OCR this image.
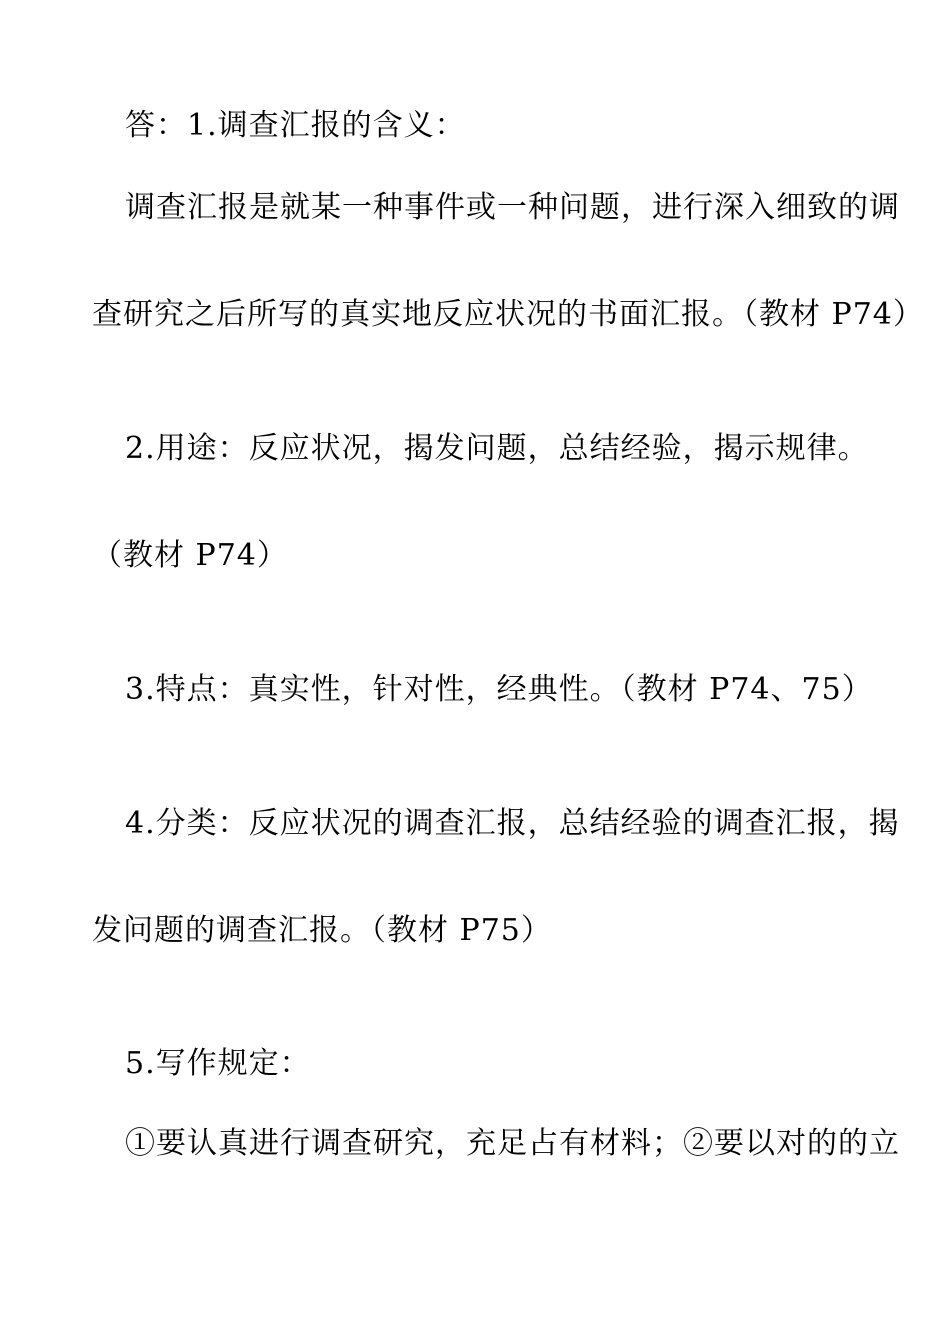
答：1.调查汇报的含义：
调查汇报是就某一种事件或一种问题，进行深入细致的调
查研究之后所写的真实地反应状况的书面汇报。（教材 P74）
2.用途：反应状况，揭发问题，总结经验，揭示规律。
（教材 P74）
3.特点：真实性，针对性，经典性。（教材 P74、75）
4.分类：反应状况的调查汇报，总结经验的调查汇报，揭
发问题的调查汇报。（教材 P75）
5.写作规定：
①要认真进行调查研究，充足占有材料；②要以对的的立
